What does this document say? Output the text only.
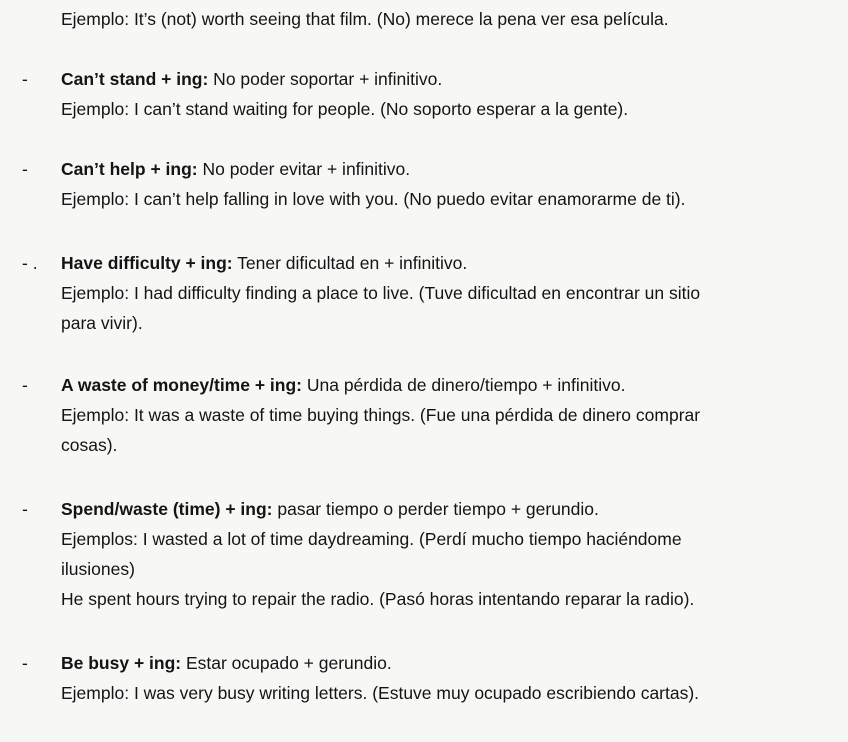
Ejemplo: It’s (not) worth seeing that film. (No) merece la pena ver esa película.
-	Can’t stand + ing: No poder soportar + infinitivo.
Ejemplo: I can’t stand waiting for people. (No soporto esperar a la gente).
-	Can’t help + ing: No poder evitar + infinitivo.
Ejemplo: I can’t help falling in love with you. (No puedo evitar enamorarme de ti).
- . Have difficulty + ing: Tener dificultad en + infinitivo.
Ejemplo: I had difficulty finding a place to live. (Tuve dificultad en encontrar un sitio
para vivir).
-	A waste of money/time + ing: Una pérdida de dinero/tiempo + infinitivo.
Ejemplo: It was a waste of time buying things. (Fue una pérdida de dinero comprar
cosas).
-	Spend/waste (time) + ing: pasar tiempo o perder tiempo + gerundio.
Ejemplos: I wasted a lot of time daydreaming. (Perdí mucho tiempo haciéndome
ilusiones)
He spent hours trying to repair the radio. (Pasó horas intentando reparar la radio).
-	Be busy + ing: Estar ocupado + gerundio.
Ejemplo: I was very busy writing letters. (Estuve muy ocupado escribiendo cartas).
